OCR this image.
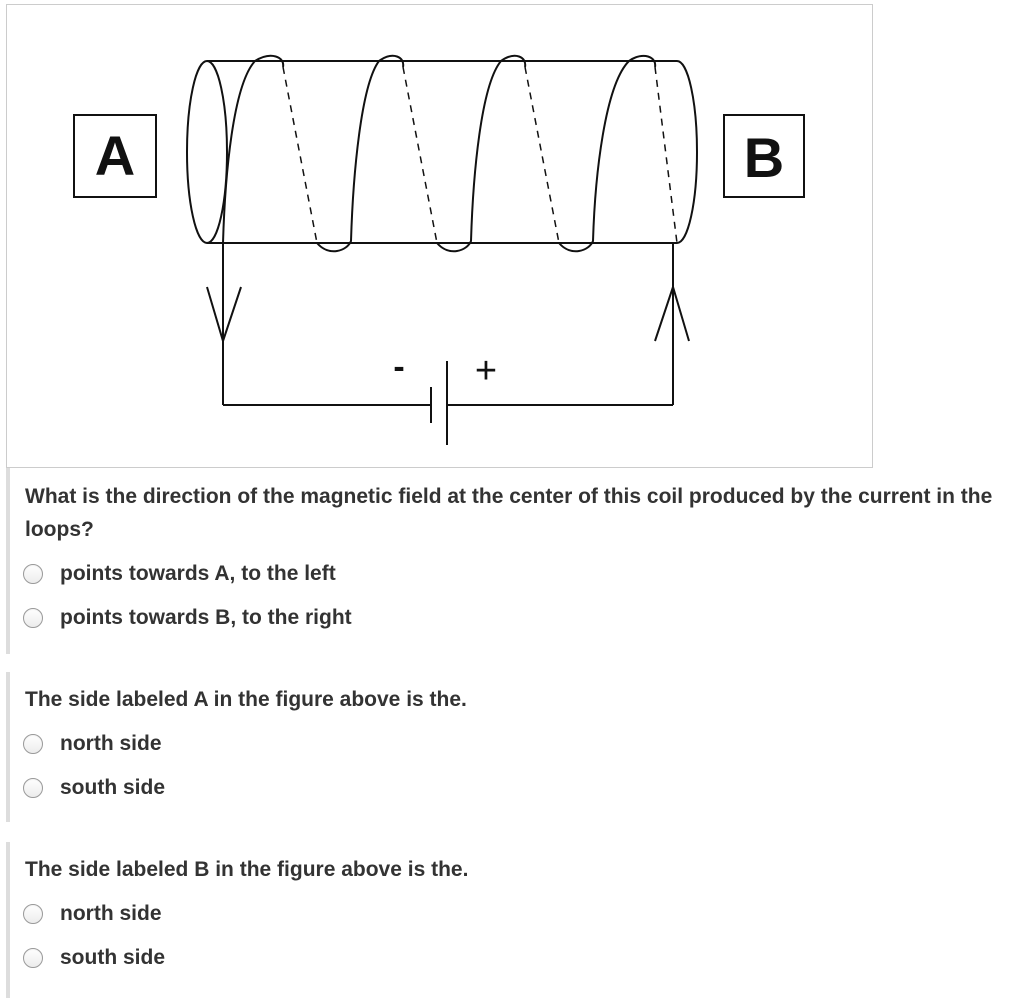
A	B
- +
What is the direction of the magnetic field at the center of this coil produced by the current in the loops?
points towards A, to the left
points towards B, to the right
The side labeled A in the figure above is the.
north side
south side
The side labeled B in the figure above is the.
north side
south side
